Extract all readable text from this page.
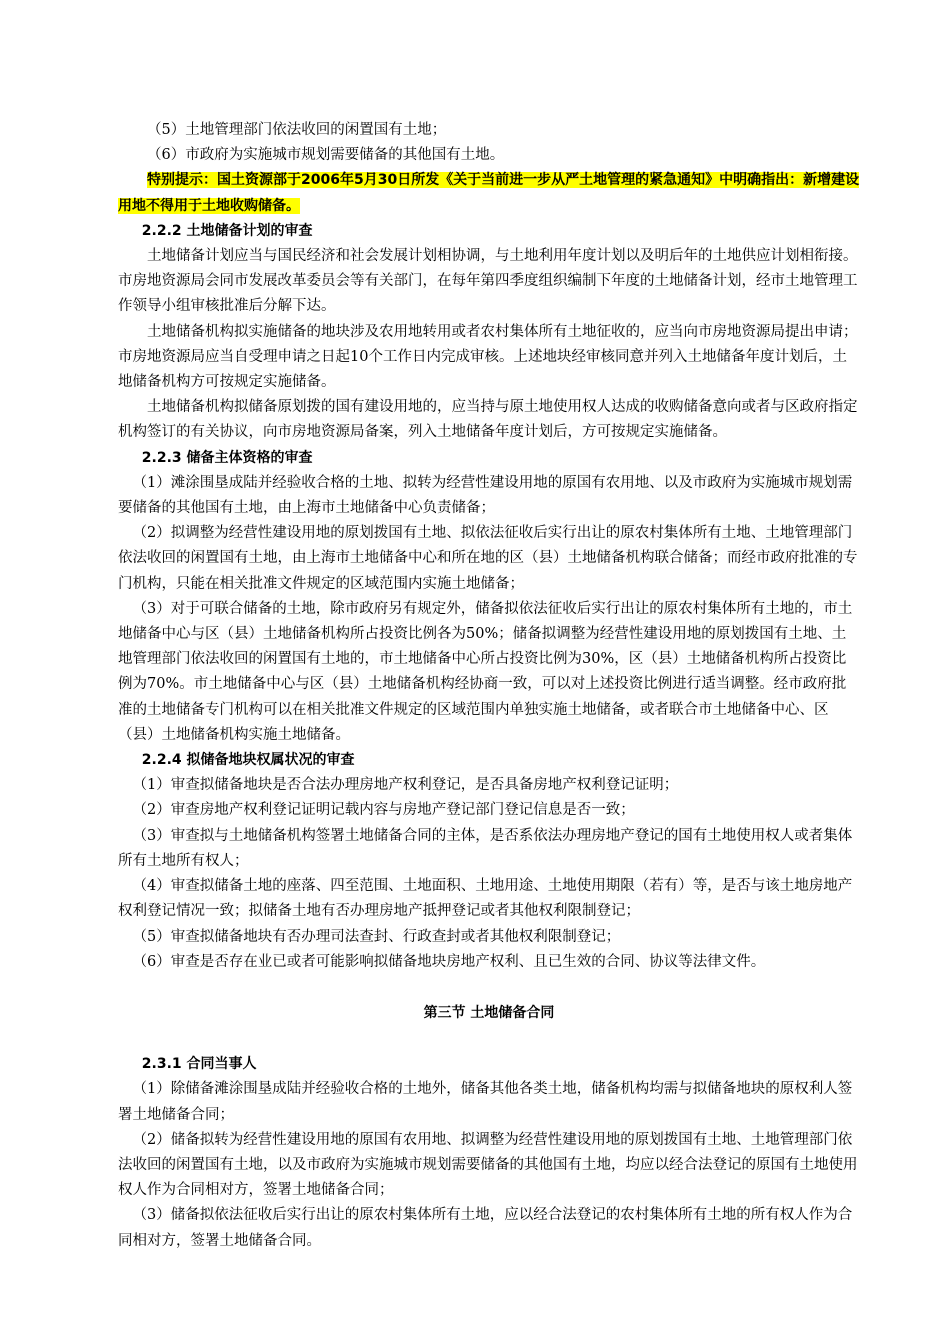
（5）土地管理部门依法收回的闲置国有土地；

（6）市政府为实施城市规划需要储备的其他国有土地。

特别提示：国土资源部于2006年5月30日所发《关于当前进一步从严土地管理的紧急通知》中明确指出：新增建设用地不得用于土地收购储备。

2.2.2 土地储备计划的审查

土地储备计划应当与国民经济和社会发展计划相协调，与土地利用年度计划以及明后年的土地供应计划相衔接。市房地资源局会同市发展改革委员会等有关部门，在每年第四季度组织编制下年度的土地储备计划，经市土地管理工作领导小组审核批准后分解下达。

土地储备机构拟实施储备的地块涉及农用地转用或者农村集体所有土地征收的，应当向市房地资源局提出申请；市房地资源局应当自受理申请之日起10个工作日内完成审核。上述地块经审核同意并列入土地储备年度计划后，土地储备机构方可按规定实施储备。

土地储备机构拟储备原划拨的国有建设用地的，应当持与原土地使用权人达成的收购储备意向或者与区政府指定机构签订的有关协议，向市房地资源局备案，列入土地储备年度计划后，方可按规定实施储备。

2.2.3 储备主体资格的审查

（1）滩涂围垦成陆并经验收合格的土地、拟转为经营性建设用地的原国有农用地、以及市政府为实施城市规划需要储备的其他国有土地，由上海市土地储备中心负责储备；

（2）拟调整为经营性建设用地的原划拨国有土地、拟依法征收后实行出让的原农村集体所有土地、土地管理部门依法收回的闲置国有土地，由上海市土地储备中心和所在地的区（县）土地储备机构联合储备；而经市政府批准的专门机构，只能在相关批准文件规定的区域范围内实施土地储备；

（3）对于可联合储备的土地，除市政府另有规定外，储备拟依法征收后实行出让的原农村集体所有土地的，市土地储备中心与区（县）土地储备机构所占投资比例各为50%；储备拟调整为经营性建设用地的原划拨国有土地、土地管理部门依法收回的闲置国有土地的，市土地储备中心所占投资比例为30%，区（县）土地储备机构所占投资比例为70%。市土地储备中心与区（县）土地储备机构经协商一致，可以对上述投资比例进行适当调整。经市政府批准的土地储备专门机构可以在相关批准文件规定的区域范围内单独实施土地储备，或者联合市土地储备中心、区（县）土地储备机构实施土地储备。

2.2.4 拟储备地块权属状况的审查

（1）审查拟储备地块是否合法办理房地产权利登记，是否具备房地产权利登记证明；

（2）审查房地产权利登记证明记载内容与房地产登记部门登记信息是否一致；

（3）审查拟与土地储备机构签署土地储备合同的主体，是否系依法办理房地产登记的国有土地使用权人或者集体所有土地所有权人；

（4）审查拟储备土地的座落、四至范围、土地面积、土地用途、土地使用期限（若有）等，是否与该土地房地产权利登记情况一致；拟储备土地有否办理房地产抵押登记或者其他权利限制登记；

（5）审查拟储备地块有否办理司法查封、行政查封或者其他权利限制登记；

（6）审查是否存在业已或者可能影响拟储备地块房地产权利、且已生效的合同、协议等法律文件。

第三节 土地储备合同

2.3.1 合同当事人

（1）除储备滩涂围垦成陆并经验收合格的土地外，储备其他各类土地，储备机构均需与拟储备地块的原权利人签署土地储备合同；

（2）储备拟转为经营性建设用地的原国有农用地、拟调整为经营性建设用地的原划拨国有土地、土地管理部门依法收回的闲置国有土地，以及市政府为实施城市规划需要储备的其他国有土地，均应以经合法登记的原国有土地使用权人作为合同相对方，签署土地储备合同；

（3）储备拟依法征收后实行出让的原农村集体所有土地，应以经合法登记的农村集体所有土地的所有权人作为合同相对方，签署土地储备合同。
